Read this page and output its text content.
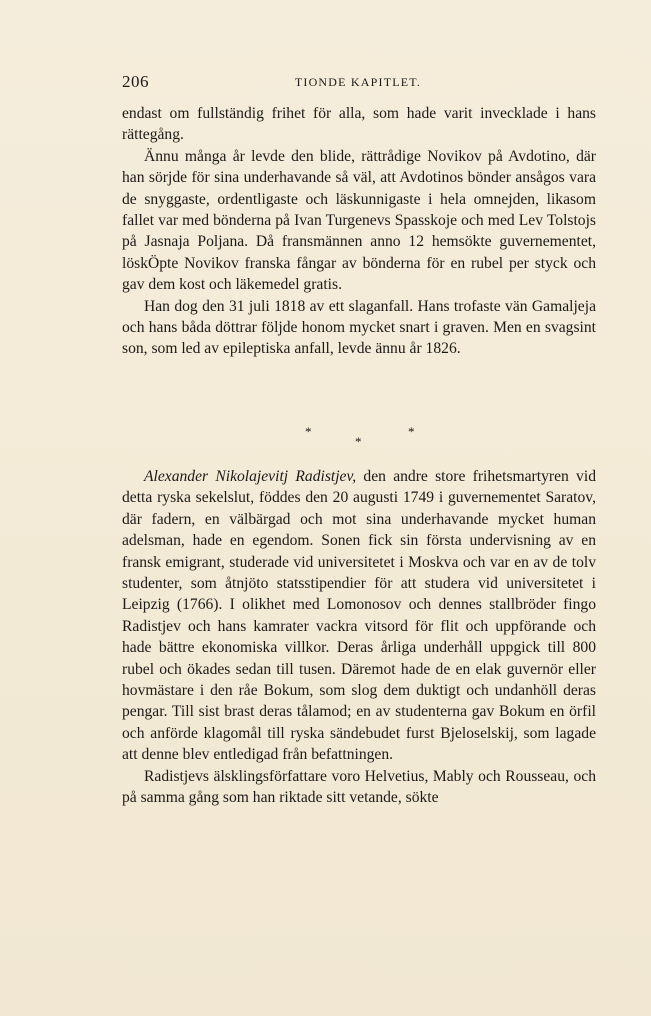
206	TIONDE KAPITLET.

endast om fullständig frihet för alla, som hade varit invecklade i hans rättegång.

Ännu många år levde den blide, rättrådige Novikov på Avdotino, där han sörjde för sina underhavande så väl, att Avdotinos bönder ansågos vara de snyggaste, ordentligaste och läskunnigaste i hela omnejden, likasom fallet var med bönderna på Ivan Turgenevs Spasskoje och med Lev Tolstojs på Jasnaja Poljana. Då fransmännen anno 12 hemsökte guvernementet, löskÖpte Novikov franska fångar av bönderna för en rubel per styck och gav dem kost och läkemedel gratis.

Han dog den 31 juli 1818 av ett slaganfall. Hans trofaste vän Gamaljeja och hans båda döttrar följde honom mycket snart i graven. Men en svagsint son, som led av epileptiska anfall, levde ännu år 1826.

*
*
*

Alexander Nikolajevitj Radistjev, den andre store frihetsmartyren vid detta ryska sekelslut, föddes den 20 augusti 1749 i guvernementet Saratov, där fadern, en välbärgad och mot sina underhavande mycket human adelsman, hade en egendom. Sonen fick sin första undervisning av en fransk emigrant, studerade vid universitetet i Moskva och var en av de tolv studenter, som åtnjöto statsstipendier för att studera vid universitetet i Leipzig (1766). I olikhet med Lomonosov och dennes stallbröder fingo Radistjev och hans kamrater vackra vitsord för flit och uppförande och hade bättre ekonomiska villkor. Deras årliga underhåll uppgick till 800 rubel och ökades sedan till tusen. Däremot hade de en elak guvernör eller hovmästare i den råe Bokum, som slog dem duktigt och undanhöll deras pengar. Till sist brast deras tålamod; en av studenterna gav Bokum en örfil och anförde klagomål till ryska sändebudet furst Bjeloselskij, som lagade att denne blev entledigad från befattningen.

Radistjevs älsklingsförfattare voro Helvetius, Mably och Rousseau, och på samma gång som han riktade sitt vetande, sökte
